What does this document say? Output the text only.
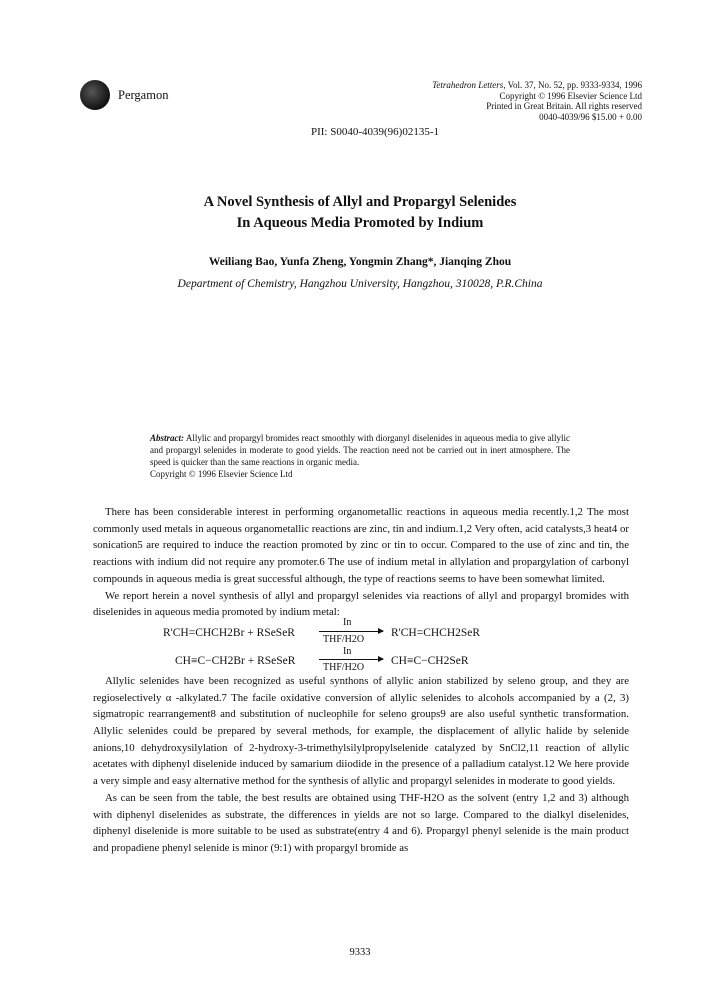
Pergamon
Tetrahedron Letters, Vol. 37, No. 52, pp. 9333-9334, 1996
Copyright © 1996 Elsevier Science Ltd
Printed in Great Britain. All rights reserved
0040-4039/96 $15.00 + 0.00
PII: S0040-4039(96)02135-1
A Novel Synthesis of Allyl and Propargyl Selenides
In Aqueous Media Promoted by Indium
Weiliang Bao, Yunfa Zheng, Yongmin Zhang*, Jianqing Zhou
Department of Chemistry, Hangzhou University, Hangzhou, 310028, P.R.China
Abstract: Allylic and propargyl bromides react smoothly with diorganyl diselenides in aqueous media to give allylic and propargyl selenides in moderate to good yields. The reaction need not be carried out in inert atmosphere. The speed is quicker than the same reactions in organic media.
Copyright © 1996 Elsevier Science Ltd

There has been considerable interest in performing organometallic reactions in aqueous media recently.1,2 The most commonly used metals in aqueous organometallic reactions are zinc, tin and indium.1,2 Very often, acid catalysts,3 heat4 or sonication5 are required to induce the reaction promoted by zinc or tin to occur. Compared to the use of zinc and tin, the reactions with indium did not require any promoter.6 The use of indium metal in allylation and propargylation of carbonyl compounds in aqueous media is great successful although, the type of reactions seems to have been somewhat limited.

We report herein a novel synthesis of allyl and propargyl selenides via reactions of allyl and propargyl bromides with diselenides in aqueous media promoted by indium metal:

R'CH=CHCH2Br + RSeSeR
In
THF/H2O
R'CH=CHCH2SeR
CH≡C−CH2Br + RSeSeR
In
THF/H2O
CH≡C−CH2SeR

Allylic selenides have been recognized as useful synthons of allylic anion stabilized by seleno group, and they are regioselectively α -alkylated.7 The facile oxidative conversion of allylic selenides to alcohols accompanied by a (2, 3) sigmatropic rearrangement8 and substitution of nucleophile for seleno groups9 are also useful synthetic transformation. Allylic selenides could be prepared by several methods, for example, the displacement of allylic halide by selenide anions,10 dehydroxysilylation of 2-hydroxy-3-trimethylsilylpropylselenide catalyzed by SnCl2,11 reaction of allylic acetates with diphenyl diselenide induced by samarium diiodide in the presence of a palladium catalyst.12 We here provide a very simple and easy alternative method for the synthesis of allylic and propargyl selenides in moderate to good yields.

As can be seen from the table, the best results are obtained using THF-H2O as the solvent (entry 1,2 and 3) although with diphenyl diselenides as substrate, the differences in yields are not so large. Compared to the dialkyl diselenides, diphenyl diselenide is more suitable to be used as substrate(entry 4 and 6). Propargyl phenyl selenide is the main product and propadiene phenyl selenide is minor (9:1) with propargyl bromide as

9333
